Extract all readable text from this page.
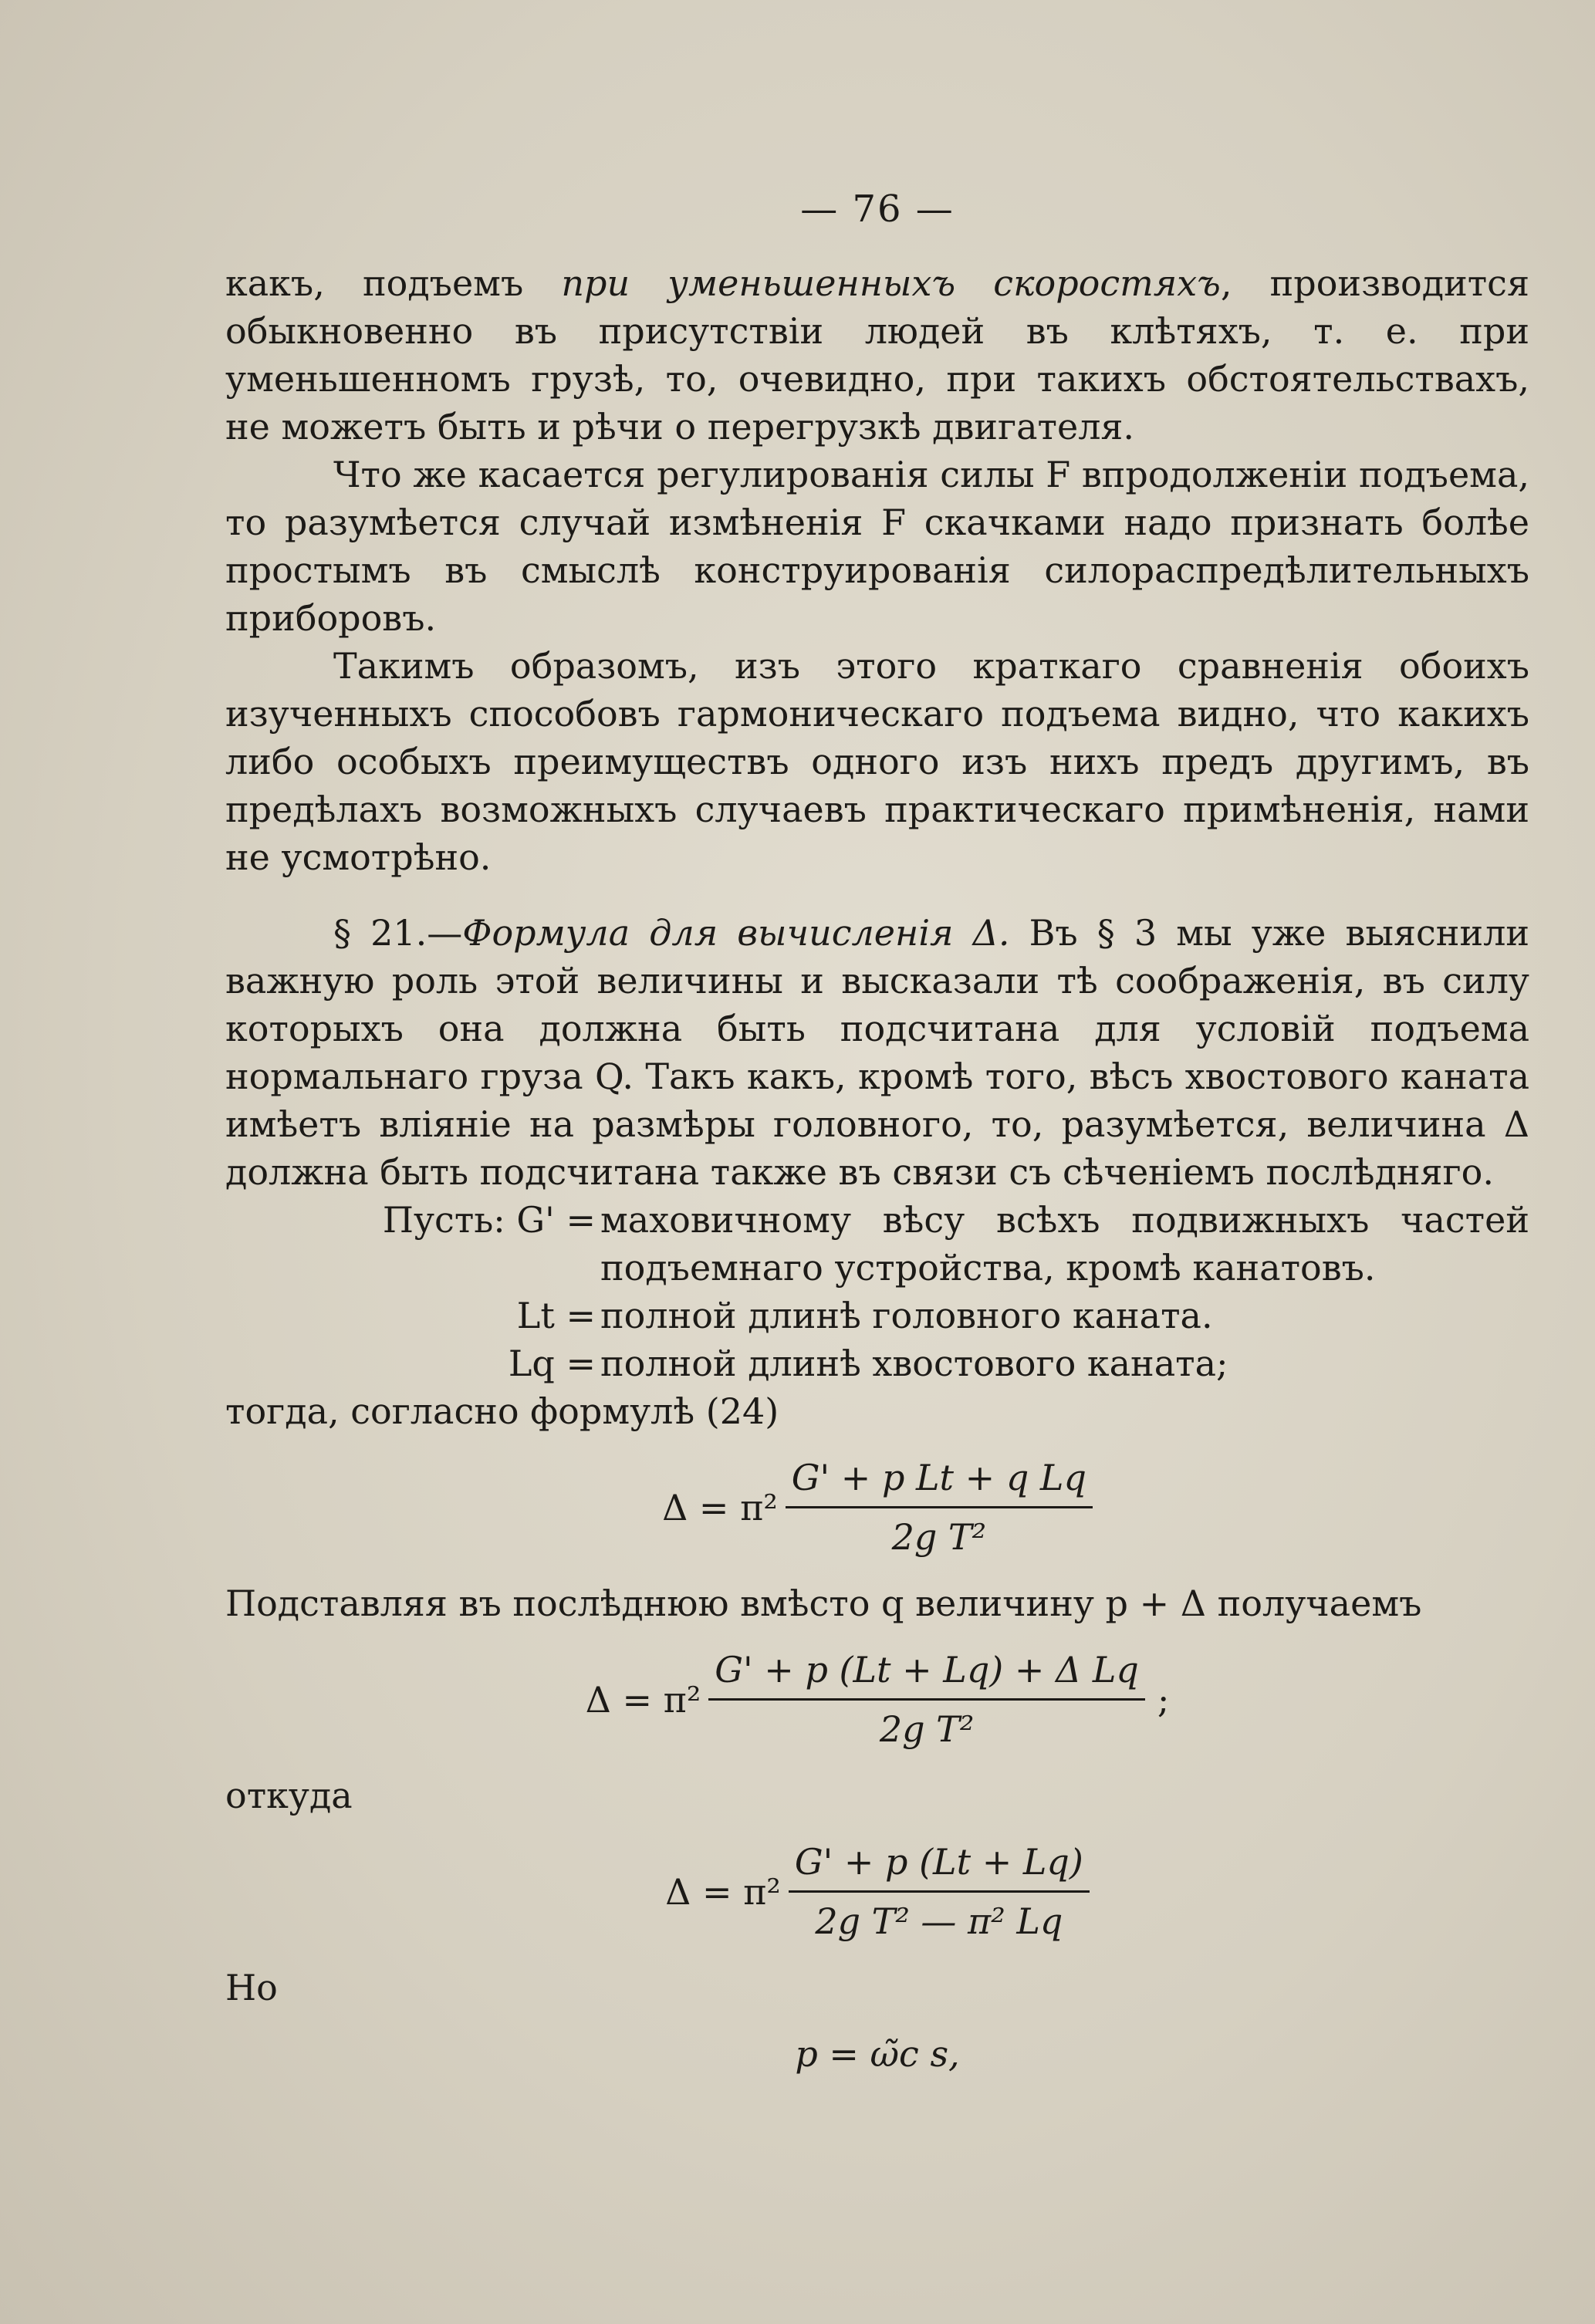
— 76 —

какъ, подъемъ при уменьшенныхъ скоростяхъ, производится обыкновенно въ присутствіи людей въ клѣтяхъ, т. е. при уменьшенномъ грузѣ, то, очевидно, при такихъ обстоятельствахъ, не можетъ быть и рѣчи о перегрузкѣ двигателя.

Что же касается регулированія силы F впродолженіи подъема, то разумѣется случай измѣненія F скачками надо признать болѣе простымъ въ смыслѣ конструированія силораспредѣлительныхъ приборовъ.

Такимъ образомъ, изъ этого краткаго сравненія обоихъ изученныхъ способовъ гармоническаго подъема видно, что какихъ либо особыхъ преимуществъ одного изъ нихъ предъ другимъ, въ предѣлахъ возможныхъ случаевъ практическаго примѣненія, нами не усмотрѣно.

§ 21.—Формула для вычисленія Δ. Въ § 3 мы уже выяснили важную роль этой величины и высказали тѣ соображенія, въ силу которыхъ она должна быть подсчитана для условій подъема нормальнаго груза Q. Такъ какъ, кромѣ того, вѣсъ хвостового каната имѣетъ вліяніе на размѣры головного, то, разумѣется, величина Δ должна быть подсчитана также въ связи съ сѣченіемъ послѣдняго.

Пусть: G' = маховичному вѣсу всѣхъ подвижныхъ частей подъемнаго устройства, кромѣ канатовъ.
Lt = полной длинѣ головного каната.
Lq = полной длинѣ хвостового каната;

тогда, согласно формулѣ (24)

$\Delta = \pi^2 \frac{\text{G' + p Lt + q Lq}}{\text{2g T²}}$

Подставляя въ послѣднюю вмѣсто q величину p + Δ получаемъ

$\Delta = \pi^2 \frac{\text{G' + p (Lt + Lq) + Δ Lq}}{\text{2g T²}}$ ;

откуда

$\Delta = \pi^2 \frac{G' + p (Lt + Lq)}{\text{2g T² — π² Lq}}$

Но

p = ω̃c s,
